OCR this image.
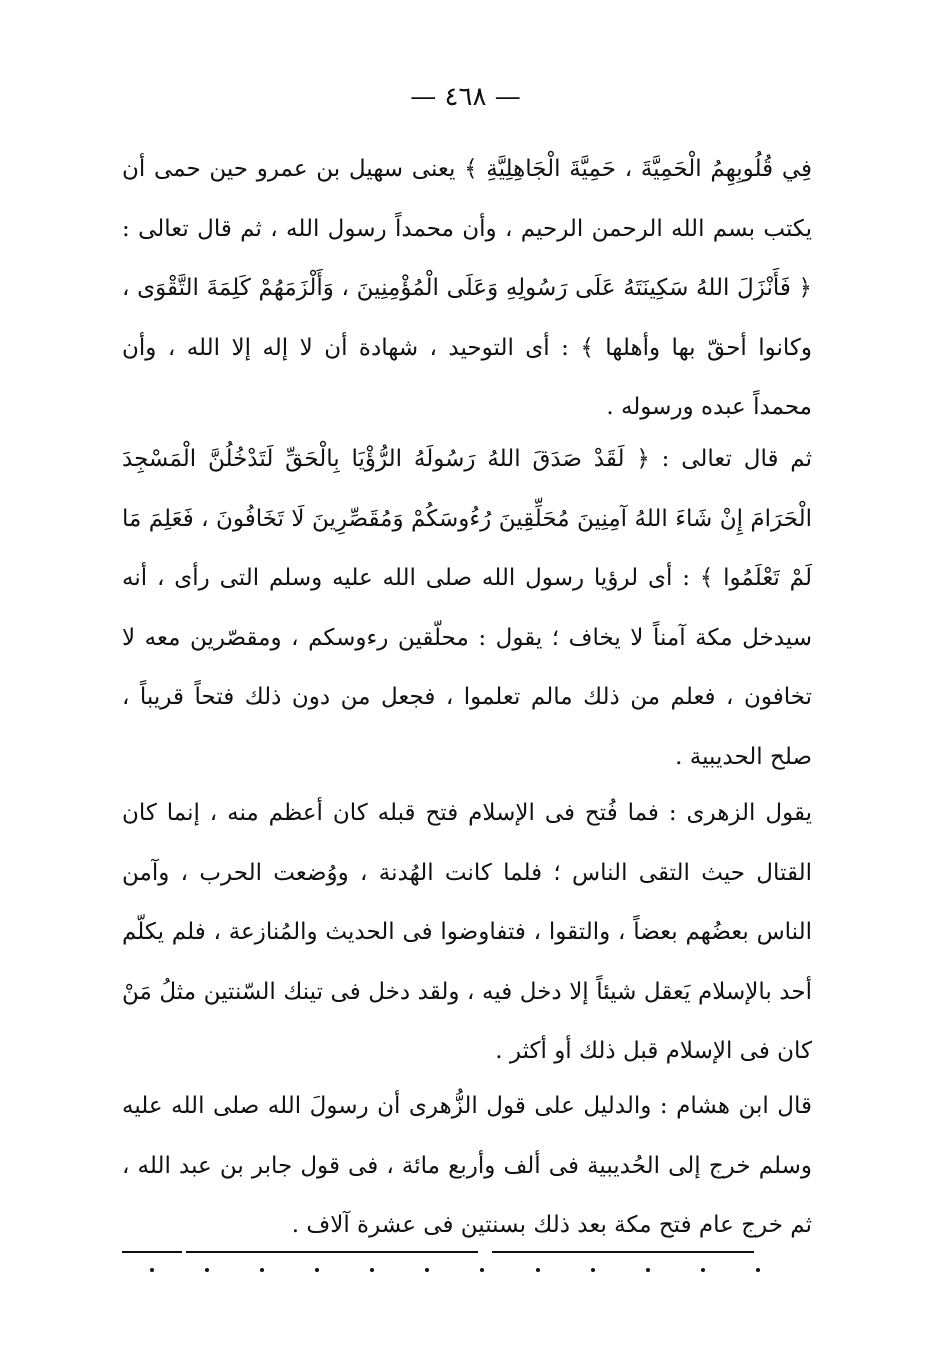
— ٤٦٨ —
فِي قُلُوبِهِمُ الْحَمِيَّةَ ، حَمِيَّةَ الْجَاهِلِيَّةِ ﴾ يعنى سهيل بن عمرو حين حمى أن يكتب بسم الله الرحمن الرحيم ، وأن محمداً رسول الله ، ثم قال تعالى : ﴿ فَأَنْزَلَ اللهُ سَكِينَتَهُ عَلَى رَسُولِهِ وَعَلَى الْمُؤْمِنِينَ ، وَأَلْزَمَهُمْ كَلِمَةَ التَّقْوَى ، وكانوا أحقّ بها وأهلها ﴾ : أى التوحيد ، شهادة أن لا إله إلا الله ، وأن محمداً عبده ورسوله .
ثم قال تعالى : ﴿ لَقَدْ صَدَقَ اللهُ رَسُولَهُ الرُّؤْيَا بِالْحَقِّ لَتَدْخُلُنَّ الْمَسْجِدَ الْحَرَامَ إِنْ شَاءَ اللهُ آمِنِينَ مُحَلِّقِينَ رُءُوسَكُمْ وَمُقَصِّرِينَ لَا تَخَافُونَ ، فَعَلِمَ مَا لَمْ تَعْلَمُوا ﴾ : أى لرؤيا رسول الله صلى الله عليه وسلم التى رأى ، أنه سيدخل مكة آمناً لا يخاف ؛ يقول : محلّقين رءوسكم ، ومقصّرين معه لا تخافون ، فعلم من ذلك مالم تعلموا ، فجعل من دون ذلك فتحاً قريباً ، صلح الحديبية .
يقول الزهرى : فما فُتح فى الإسلام فتح قبله كان أعظم منه ، إنما كان القتال حيث التقى الناس ؛ فلما كانت الهُدنة ، ووُضعت الحرب ، وآمن الناس بعضُهم بعضاً ، والتقوا ، فتفاوضوا فى الحديث والمُنازعة ، فلم يكلّم أحد بالإسلام يَعقل شيئاً إلا دخل فيه ، ولقد دخل فى تينك السّنتين مثلُ مَنْ كان فى الإسلام قبل ذلك أو أكثر .
قال ابن هشام : والدليل على قول الزُّهرى أن رسولَ الله صلى الله عليه وسلم خرج إلى الحُديبية فى ألف وأربع مائة ، فى قول جابر بن عبد الله ، ثم خرج عام فتح مكة بعد ذلك بسنتين فى عشرة آلاف .
